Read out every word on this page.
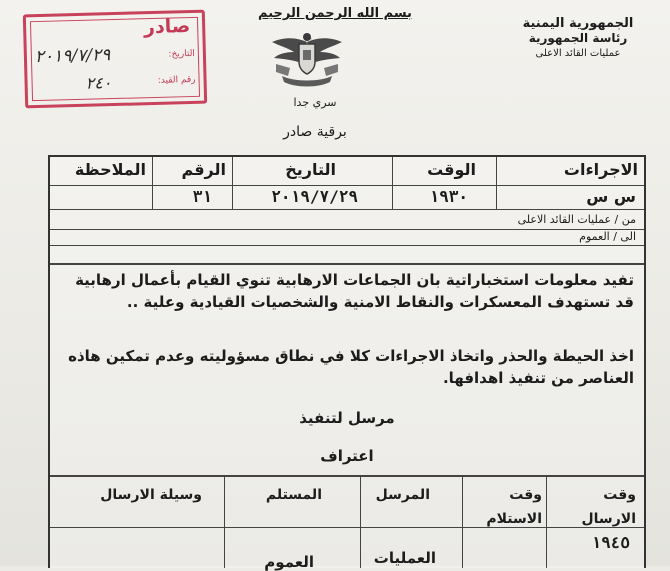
بسم الله الرحمن الرحيم
الجمهورية اليمنية
رئاسة الجمهورية
عمليات القائد الاعلى
سري جدا
برقية صادر
صادر
التاريخ:
رقم القيد:
٢٠١٩/٧/٢٩
٢٤٠
الاجراءات
الوقت
التاريخ
الرقم
الملاحظة
س س
١٩٣٠
٢٠١٩/٧/٢٩
٣١
من / عمليات القائد الاعلى
الى / العموم
تفيد معلومات استخباراتية بان الجماعات الارهابية تنوي القيام بأعمال ارهابية قد تستهدف المعسكرات والنقاط الامنية والشخصيات القيادية وعلية ..
اخذ الحيطة والحذر واتخاذ الاجراءات كلا في نطاق مسؤوليته وعدم تمكين هاذه العناصر من تنفيذ اهدافها.
مرسل لتنفيذ
اعتراف
وقت الارسال
وقت الاستلام
المرسل
المستلم
وسيلة الارسال
١٩٤٥
العمليات
العموم
